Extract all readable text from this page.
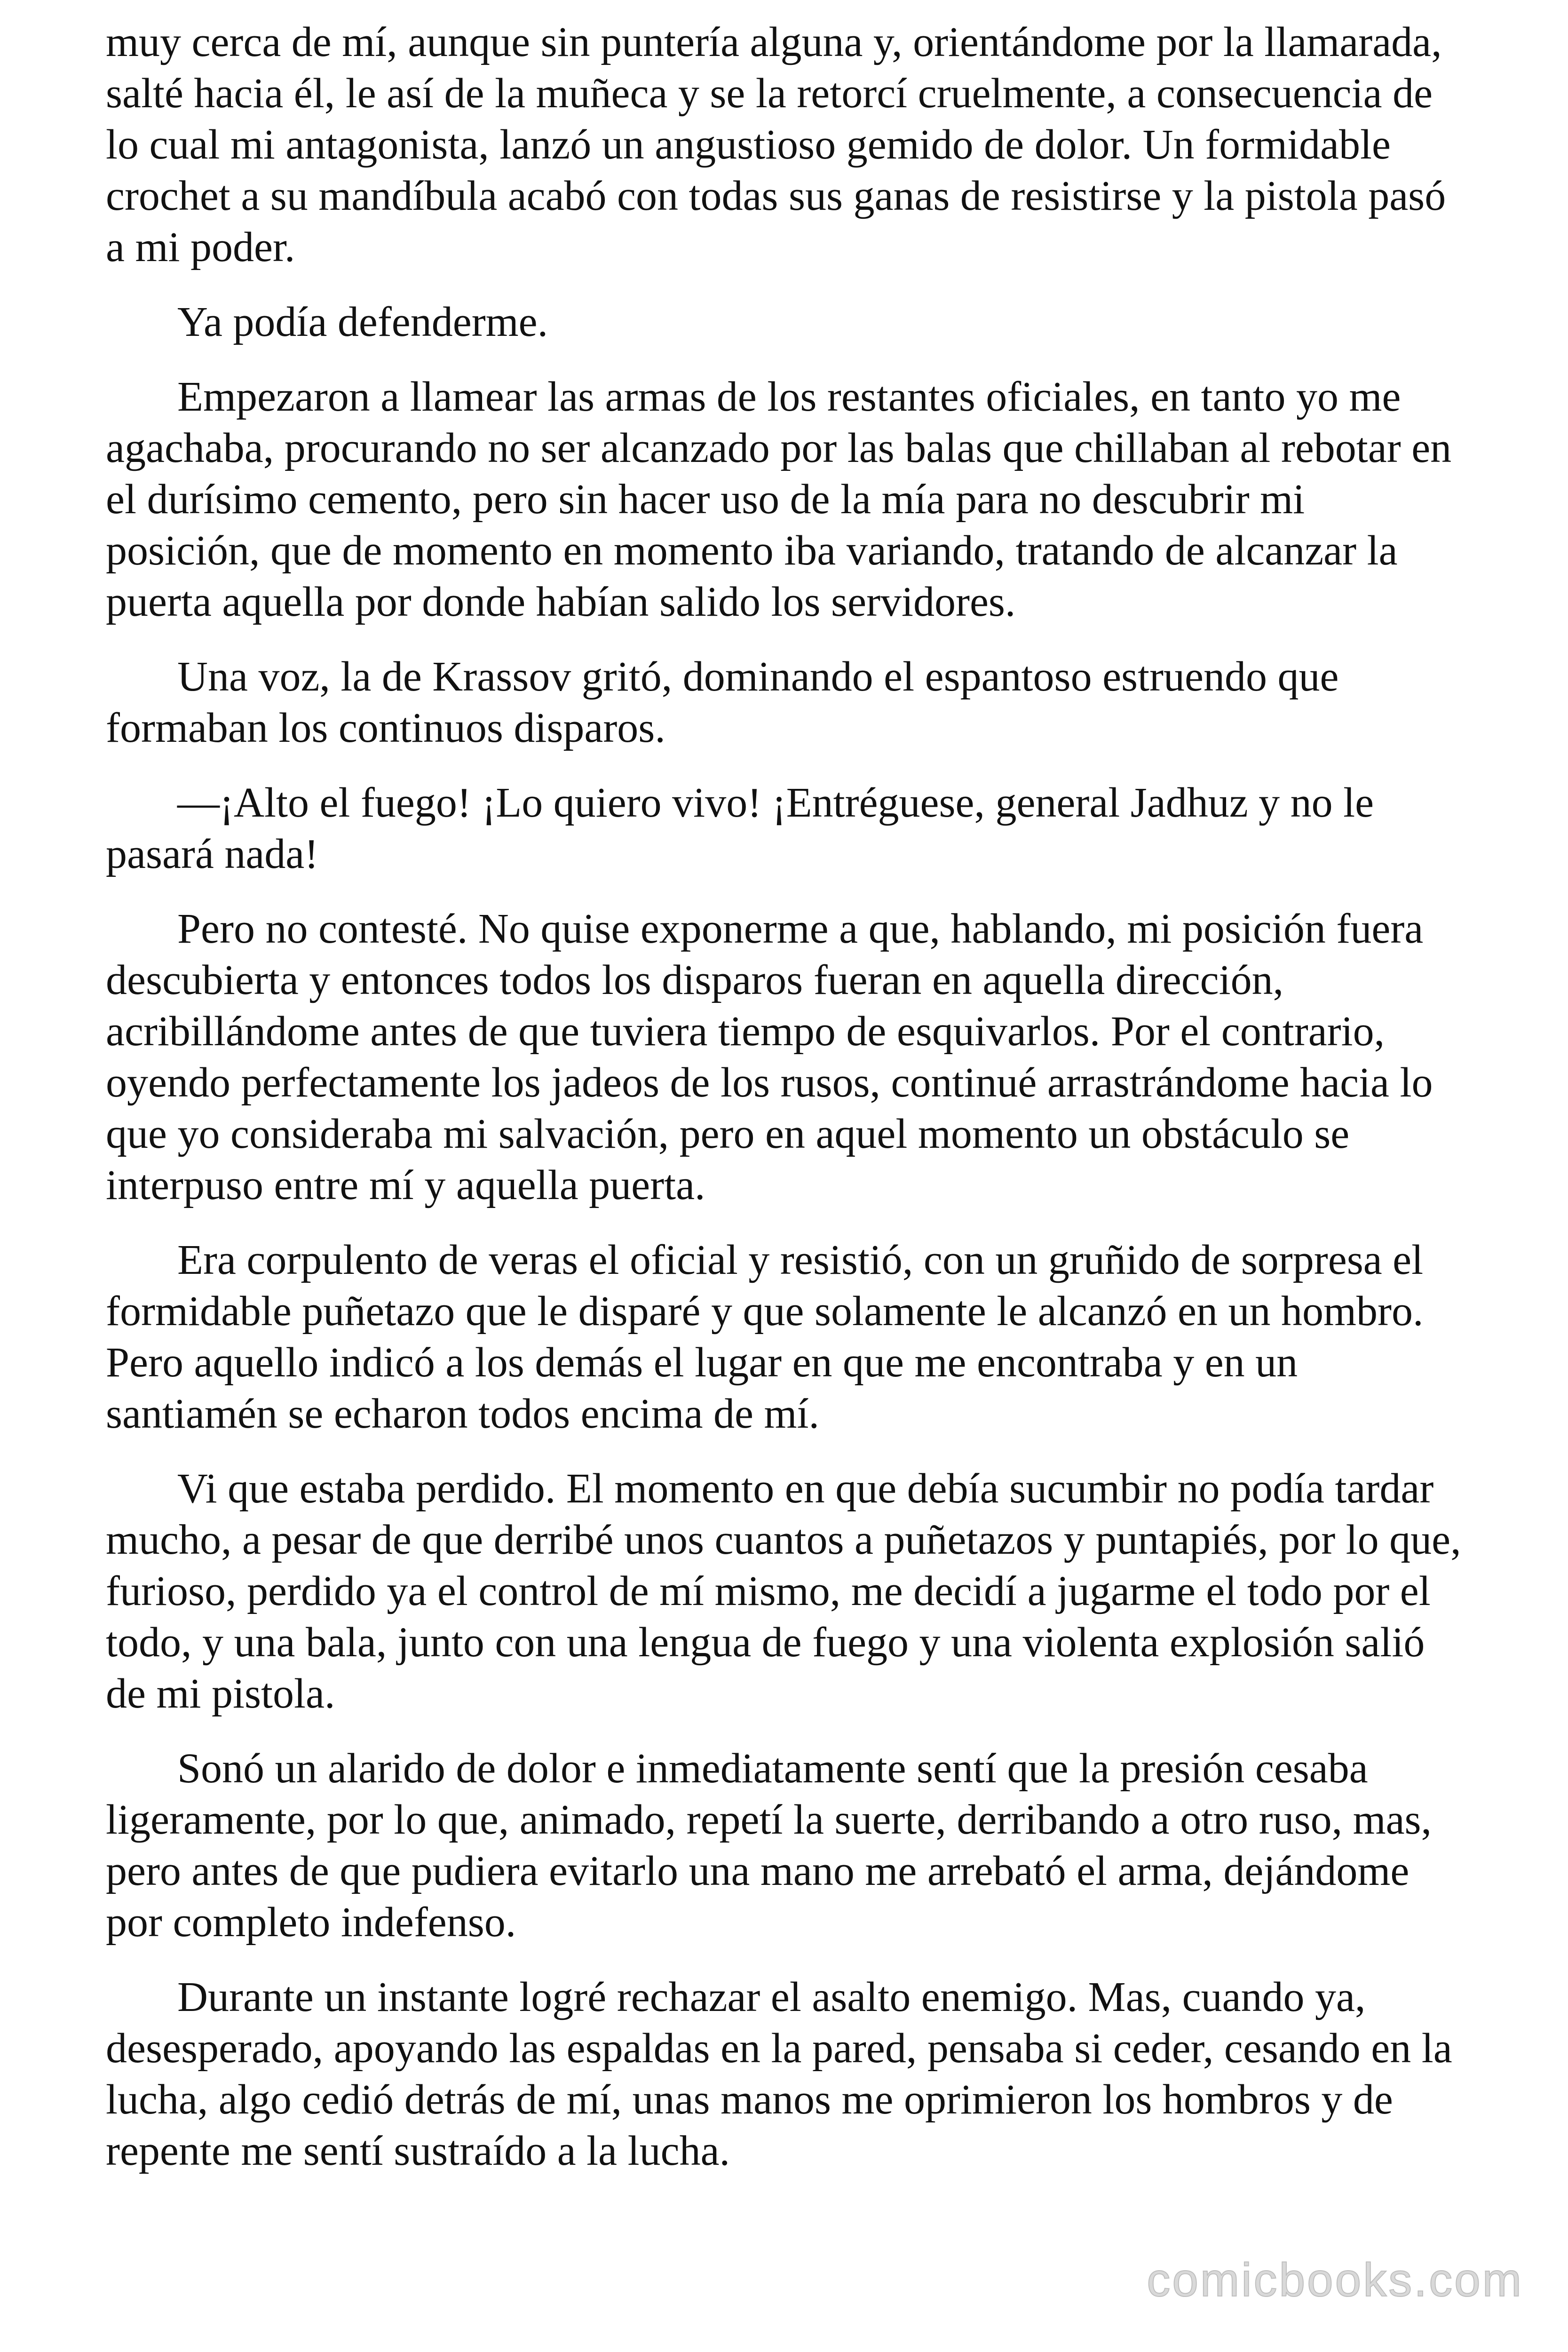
muy cerca de mí, aunque sin puntería alguna y, orientándome por la llamarada, salté hacia él, le así de la muñeca y se la retorcí cruelmente, a consecuencia de lo cual mi antagonista, lanzó un angustioso gemido de dolor. Un formidable crochet a su mandíbula acabó con todas sus ganas de resistirse y la pistola pasó a mi poder.

Ya podía defenderme.

Empezaron a llamear las armas de los restantes oficiales, en tanto yo me agachaba, procurando no ser alcanzado por las balas que chillaban al rebotar en el durísimo cemento, pero sin hacer uso de la mía para no descubrir mi posición, que de momento en momento iba variando, tratando de alcanzar la puerta aquella por donde habían salido los servidores.

Una voz, la de Krassov gritó, dominando el espantoso estruendo que formaban los continuos disparos.

—¡Alto el fuego! ¡Lo quiero vivo! ¡Entréguese, general Jadhuz y no le pasará nada!

Pero no contesté. No quise exponerme a que, hablando, mi posición fuera descubierta y entonces todos los disparos fueran en aquella dirección, acribillándome antes de que tuviera tiempo de esquivarlos. Por el contrario, oyendo perfectamente los jadeos de los rusos, continué arrastrándome hacia lo que yo consideraba mi salvación, pero en aquel momento un obstáculo se interpuso entre mí y aquella puerta.

Era corpulento de veras el oficial y resistió, con un gruñido de sorpresa el formidable puñetazo que le disparé y que solamente le alcanzó en un hombro. Pero aquello indicó a los demás el lugar en que me encontraba y en un santiamén se echaron todos encima de mí.

Vi que estaba perdido. El momento en que debía sucumbir no podía tardar mucho, a pesar de que derribé unos cuantos a puñetazos y puntapiés, por lo que, furioso, perdido ya el control de mí mismo, me decidí a jugarme el todo por el todo, y una bala, junto con una lengua de fuego y una violenta explosión salió de mi pistola.

Sonó un alarido de dolor e inmediatamente sentí que la presión cesaba ligeramente, por lo que, animado, repetí la suerte, derribando a otro ruso, mas, pero antes de que pudiera evitarlo una mano me arrebató el arma, dejándome por completo indefenso.

Durante un instante logré rechazar el asalto enemigo. Mas, cuando ya, desesperado, apoyando las espaldas en la pared, pensaba si ceder, cesando en la lucha, algo cedió detrás de mí, unas manos me oprimieron los hombros y de repente me sentí sustraído a la lucha.

comicbooks.com
